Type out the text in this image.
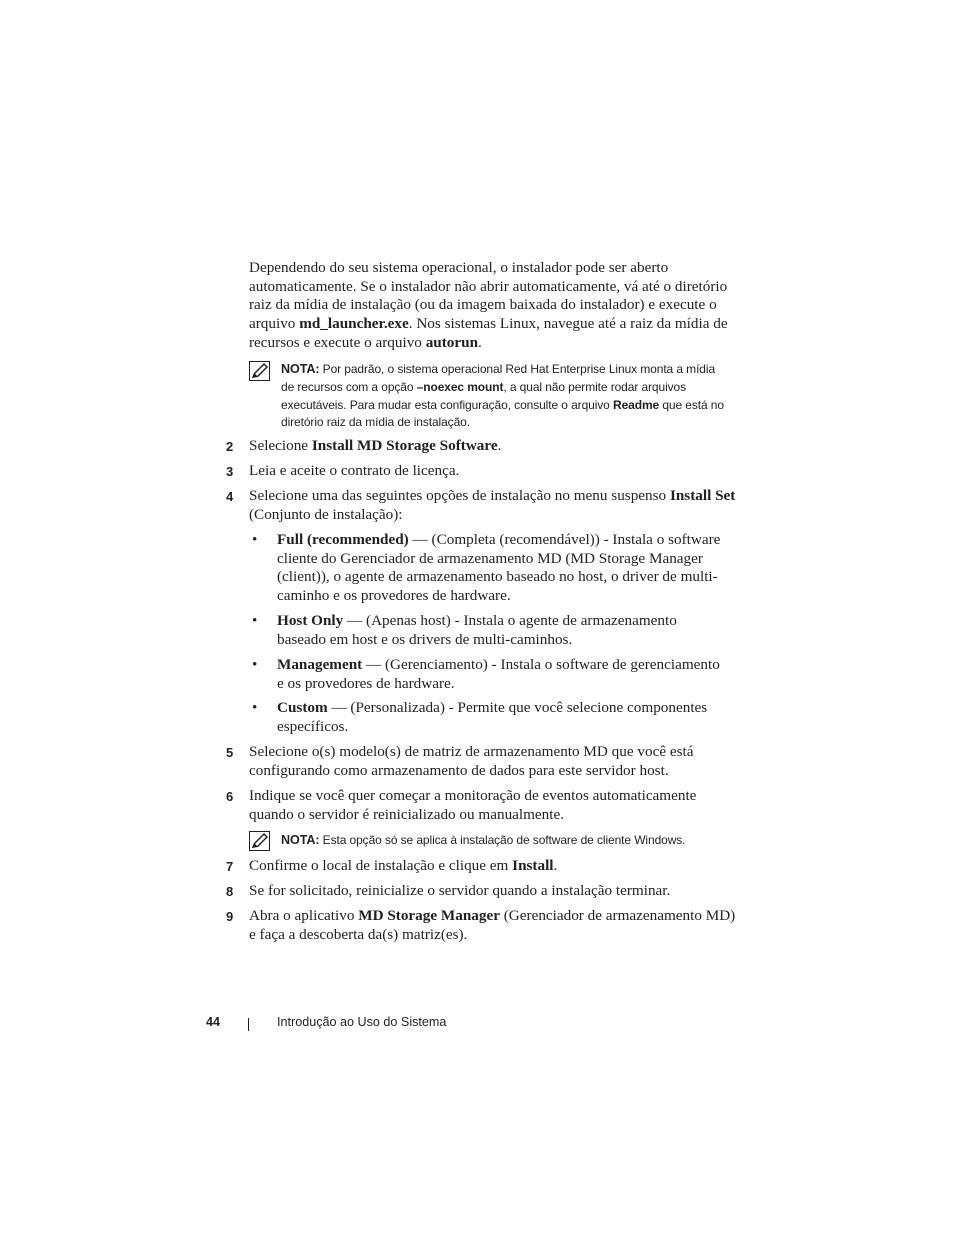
Dependendo do seu sistema operacional, o instalador pode ser aberto automaticamente. Se o instalador não abrir automaticamente, vá até o diretório raiz da mídia de instalação (ou da imagem baixada do instalador) e execute o arquivo md_launcher.exe. Nos sistemas Linux, navegue até a raiz da mídia de recursos e execute o arquivo autorun.
NOTA: Por padrão, o sistema operacional Red Hat Enterprise Linux monta a mídia de recursos com a opção –noexec mount, a qual não permite rodar arquivos executáveis. Para mudar esta configuração, consulte o arquivo Readme que está no diretório raiz da mídia de instalação.
2 Selecione Install MD Storage Software.
3 Leia e aceite o contrato de licença.
4 Selecione uma das seguintes opções de instalação no menu suspenso Install Set (Conjunto de instalação):
• Full (recommended) — (Completa (recomendável)) - Instala o software cliente do Gerenciador de armazenamento MD (MD Storage Manager (client)), o agente de armazenamento baseado no host, o driver de multi-caminho e os provedores de hardware.
• Host Only — (Apenas host) - Instala o agente de armazenamento baseado em host e os drivers de multi-caminhos.
• Management — (Gerenciamento) - Instala o software de gerenciamento e os provedores de hardware.
• Custom — (Personalizada) - Permite que você selecione componentes específicos.
5 Selecione o(s) modelo(s) de matriz de armazenamento MD que você está configurando como armazenamento de dados para este servidor host.
6 Indique se você quer começar a monitoração de eventos automaticamente quando o servidor é reinicializado ou manualmente.
NOTA: Esta opção só se aplica à instalação de software de cliente Windows.
7 Confirme o local de instalação e clique em Install.
8 Se for solicitado, reinicialize o servidor quando a instalação terminar.
9 Abra o aplicativo MD Storage Manager (Gerenciador de armazenamento MD) e faça a descoberta da(s) matriz(es).
44	Introdução ao Uso do Sistema
